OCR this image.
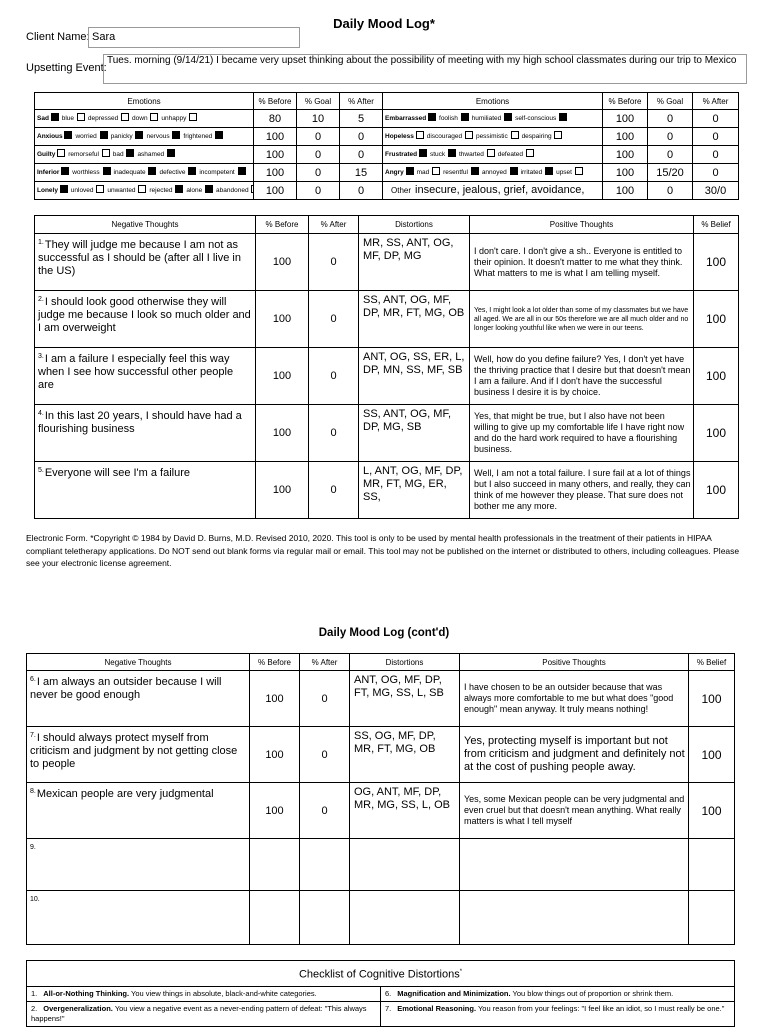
Daily Mood Log*
Client Name: Sara
Upsetting Event:
Tues. morning (9/14/21) I became very upset thinking about the possibility of meeting with my high school classmates during our trip to Mexico
Emotions	% Before	% Goal	% After	Emotions	% Before	% Goal	% After
Sad blue depressed down unhappy	80	10	5	Embarrassed foolish humiliated self-conscious	100	0	0
Anxious worried panicky nervous frightened	100	0	0	Hopeless discouraged pessimistic despairing	100	0	0
Guilty remorseful bad ashamed	100	0	0	Frustrated stuck thwarted defeated	100	0	0
Inferior worthless inadequate defective incompetent	100	0	15	Angry mad resentful annoyed irritated upset	100	15/20	0
Lonely unloved unwanted rejected alone abandoned	100	0	0	Other insecure, jealous, grief, avoidance,	100	0	30/0
Negative Thoughts	% Before	% After	Distortions	Positive Thoughts	% Belief
$^{1.}$They will judge me because I am not as successful as I should be (after all I live in the US)	100	0	MR, SS, ANT, OG, MF, DP, MG	I don't care. I don't give a sh.. Everyone is entitled to their opinion. It doesn't matter to me what they think. What matters to me is what I am telling myself.	100
$^{2.}$I should look good otherwise they will judge me because I look so much older and I am overweight	100	0	SS, ANT, OG, MF, DP, MR, FT, MG, OB	Yes, I might look a lot older than some of my classmates but we have all aged. We are all in our 50s therefore we are all much older and no longer looking youthful like when we were in our teens.	100
$^{3.}$I am a failure I especially feel this way when I see how successful other people are	100	0	ANT, OG, SS, ER, L, DP, MN, SS, MF, SB	Well, how do you define failure? Yes, I don't yet have the thriving practice that I desire but that doesn't mean I am a failure. And if I don't have the successful business I desire it is by choice.	100
$^{4.}$In this last 20 years, I should have had a flourishing business	100	0	SS, ANT, OG, MF, DP, MG, SB	Yes, that might be true, but I also have not been willing to give up my comfortable life I have right now and do the hard work required to have a flourishing business.	100
$^{5.}$Everyone will see I'm a failure	100	0	L, ANT, OG, MF, DP, MR, FT, MG, ER, SS,	Well, I am not a total failure. I sure fail at a lot of things but I also succeed in many others, and really, they can think of me however they please. That sure does not bother me any more.	100
Electronic Form. *Copyright © 1984 by David D. Burns, M.D. Revised 2010, 2020. This tool is only to be used by mental health professionals in the treatment of their patients in HIPAA compliant teletherapy applications. Do NOT send out blank forms via regular mail or email. This tool may not be published on the internet or distributed to others, including colleagues. Please see your electronic license agreement.
Daily Mood Log (cont'd)
Negative Thoughts	% Before	% After	Distortions	Positive Thoughts	% Belief
$^{6.}$I am always an outsider because I will never be good enough	100	0	ANT, OG, MF, DP, FT, MG, SS, L, SB	I have chosen to be an outsider because that was always more comfortable to me but what does "good enough" mean anyway. It truly means nothing!	100
$^{7.}$I should always protect myself from criticism and judgment by not getting close to people	100	0	SS, OG, MF, DP, MR, FT, MG, OB	Yes, protecting myself is important but not from criticism and judgment and definitely not at the cost of pushing people away.	100
$^{8.}$Mexican people are very judgmental	100	0	OG, ANT, MF, DP, MR, MG, SS, L, OB	Yes, some Mexican people can be very judgmental and even cruel but that doesn't mean anything. What really matters is what I tell myself	100
$^{9.}$					
$^{10.}$					
Checklist of Cognitive Distortions*
1. All-or-Nothing Thinking. You view things in absolute, black-and-white categories.	6. Magnification and Minimization. You blow things out of proportion or shrink them.
2. Overgeneralization. You view a negative event as a never-ending pattern of defeat: "This always happens!"	7. Emotional Reasoning. You reason from your feelings: "I feel like an idiot, so I must really be one."
